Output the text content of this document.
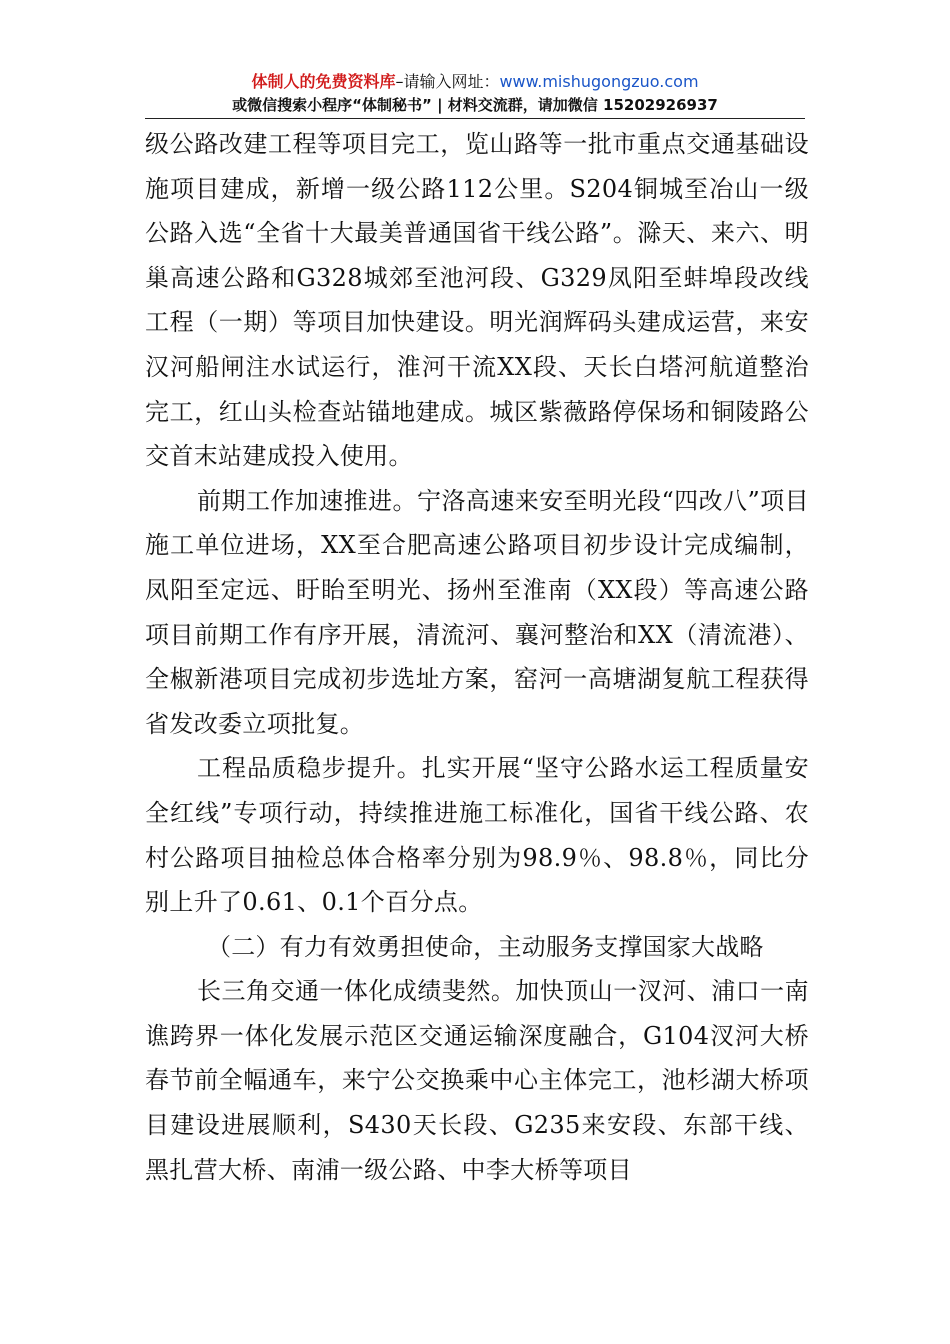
体制人的免费资料库–请输入网址：www.mishugongzuo.com
或微信搜索小程序“体制秘书” | 材料交流群，请加微信 15202926937

级公路改建工程等项目完工，览山路等一批市重点交通基础设施项目建成，新增一级公路112公里。S204铜城至冶山一级公路入选“全省十大最美普通国省干线公路”。滁天、来六、明巢高速公路和G328城郊至池河段、G329凤阳至蚌埠段改线工程（一期）等项目加快建设。明光润辉码头建成运营，来安汉河船闸注水试运行，淮河干流XX段、天长白塔河航道整治完工，红山头检查站锚地建成。城区紫薇路停保场和铜陵路公交首末站建成投入使用。

前期工作加速推进。宁洛高速来安至明光段“四改八”项目施工单位进场，XX至合肥高速公路项目初步设计完成编制，凤阳至定远、盱眙至明光、扬州至淮南（XX段）等高速公路项目前期工作有序开展，清流河、襄河整治和XX（清流港）、全椒新港项目完成初步选址方案，窑河一高塘湖复航工程获得省发改委立项批复。

工程品质稳步提升。扎实开展“坚守公路水运工程质量安全红线”专项行动，持续推进施工标准化，国省干线公路、农村公路项目抽检总体合格率分别为98.9％、98.8％，同比分别上升了0.61、0.1个百分点。

（二）有力有效勇担使命，主动服务支撑国家大战略

长三角交通一体化成绩斐然。加快顶山一汊河、浦口一南谯跨界一体化发展示范区交通运输深度融合，G104汊河大桥春节前全幅通车，来宁公交换乘中心主体完工，池杉湖大桥项目建设进展顺利，S430天长段、G235来安段、东部干线、黑扎营大桥、南浦一级公路、中李大桥等项目
